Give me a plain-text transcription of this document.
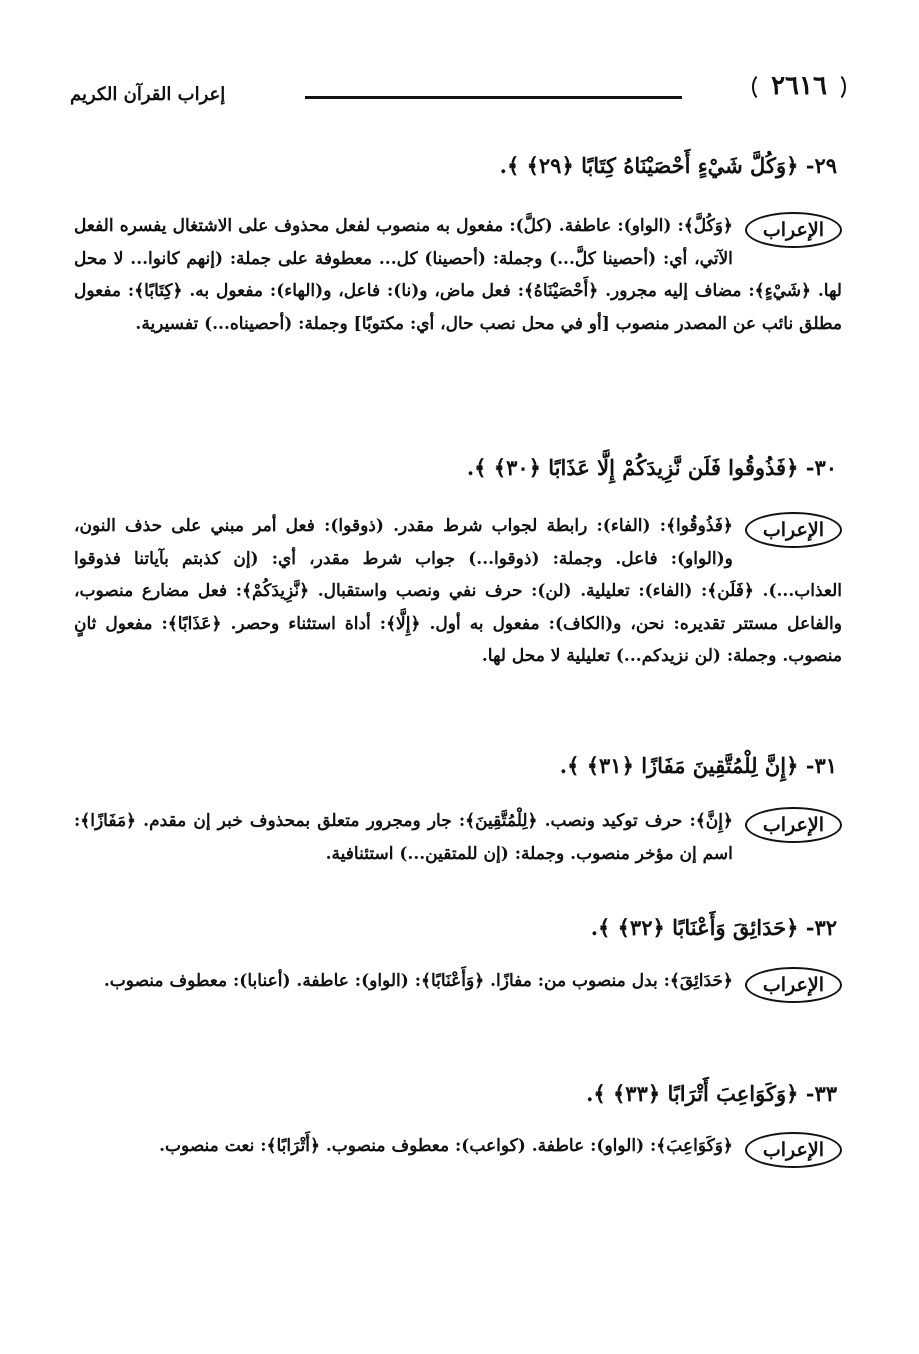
٢٦١٦
إعراب القرآن الكريم
٢٩- ﴿وَكُلَّ شَيْءٍ أَحْصَيْنَاهُ كِتَابًا ﴿٢٩﴾ ﴾.
الإعراب
﴿وَكُلَّ﴾: (الواو): عاطفة. (كلَّ): مفعول به منصوب لفعل محذوف على الاشتغال يفسره الفعل الآتي، أي: (أحصينا كلَّ...) وجملة: (أحصينا) كل... معطوفة على جملة: (إنهم كانوا... لا محل لها. ﴿شَيْءٍ﴾: مضاف إليه مجرور. ﴿أَحْصَيْنَاهُ﴾: فعل ماض، و(نا): فاعل، و(الهاء): مفعول به. ﴿كِتَابًا﴾: مفعول مطلق نائب عن المصدر منصوب [أو في محل نصب حال، أي: مكتوبًا] وجملة: (أحصيناه...) تفسيرية.
٣٠- ﴿فَذُوقُوا فَلَن نَّزِيدَكُمْ إِلَّا عَذَابًا ﴿٣٠﴾ ﴾.
الإعراب
﴿فَذُوقُوا﴾: (الفاء): رابطة لجواب شرط مقدر. (ذوقوا): فعل أمر مبني على حذف النون، و(الواو): فاعل. وجملة: (ذوقوا...) جواب شرط مقدر، أي: (إن كذبتم بآياتنا فذوقوا العذاب...). ﴿فَلَن﴾: (الفاء): تعليلية. (لن): حرف نفي ونصب واستقبال. ﴿نَّزِيدَكُمْ﴾: فعل مضارع منصوب، والفاعل مستتر تقديره: نحن، و(الكاف): مفعول به أول. ﴿إِلَّا﴾: أداة استثناء وحصر. ﴿عَذَابًا﴾: مفعول ثانٍ منصوب. وجملة: (لن نزيدكم...) تعليلية لا محل لها.
٣١- ﴿إِنَّ لِلْمُتَّقِينَ مَفَازًا ﴿٣١﴾ ﴾.
الإعراب
﴿إِنَّ﴾: حرف توكيد ونصب. ﴿لِلْمُتَّقِينَ﴾: جار ومجرور متعلق بمحذوف خبر إن مقدم. ﴿مَفَازًا﴾: اسم إن مؤخر منصوب. وجملة: (إن للمتقين...) استئنافية.
٣٢- ﴿حَدَائِقَ وَأَعْنَابًا ﴿٣٢﴾ ﴾.
الإعراب
﴿حَدَائِقَ﴾: بدل منصوب من: مفازًا. ﴿وَأَعْنَابًا﴾: (الواو): عاطفة. (أعنابا): معطوف منصوب.
٣٣- ﴿وَكَوَاعِبَ أَتْرَابًا ﴿٣٣﴾ ﴾.
الإعراب
﴿وَكَوَاعِبَ﴾: (الواو): عاطفة. (كواعب): معطوف منصوب. ﴿أَتْرَابًا﴾: نعت منصوب.
